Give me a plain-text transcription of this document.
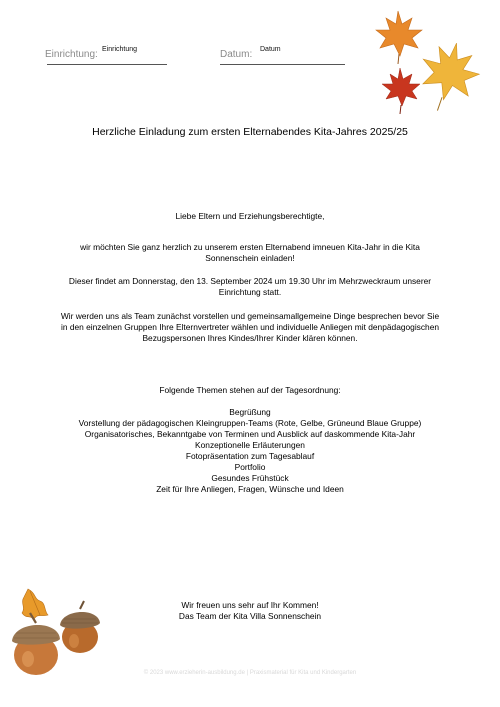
Einrichtung: Einrichtung	Datum: Datum
Herzliche Einladung zum ersten Elternabendes Kita-Jahres 2025/25
Liebe Eltern und Erziehungsberechtigte,

wir möchten Sie ganz herzlich zu unserem ersten Elternabend imneuen Kita-Jahr in die Kita Sonnenschein einladen!

Dieser findet am Donnerstag, den 13. September 2024 um 19.30 Uhr im Mehrzweckraum unserer Einrichtung statt.

Wir werden uns als Team zunächst vorstellen und gemeinsamallgemeine Dinge besprechen bevor Sie in den einzelnen Gruppen Ihre Elternvertreter wählen und individuelle Anliegen mit denpädagogischen Bezugspersonen Ihres Kindes/Ihrer Kinder klären können.

Folgende Themen stehen auf der Tagesordnung:
Begrüßung
Vorstellung der pädagogischen Kleingruppen-Teams (Rote, Gelbe, Grüneund Blaue Gruppe)
Organisatorisches, Bekanntgabe von Terminen und Ausblick auf daskommende Kita-Jahr
Konzeptionelle Erläuterungen
Fotopräsentation zum Tagesablauf
Portfolio
Gesundes Frühstück
Zeit für Ihre Anliegen, Fragen, Wünsche und Ideen

Wir freuen uns sehr auf Ihr Kommen!

Das Team der Kita Villa Sonnenschein

© 2023 www.erzieherin-ausbildung.de | Praxismaterial für Kita und Kindergarten
